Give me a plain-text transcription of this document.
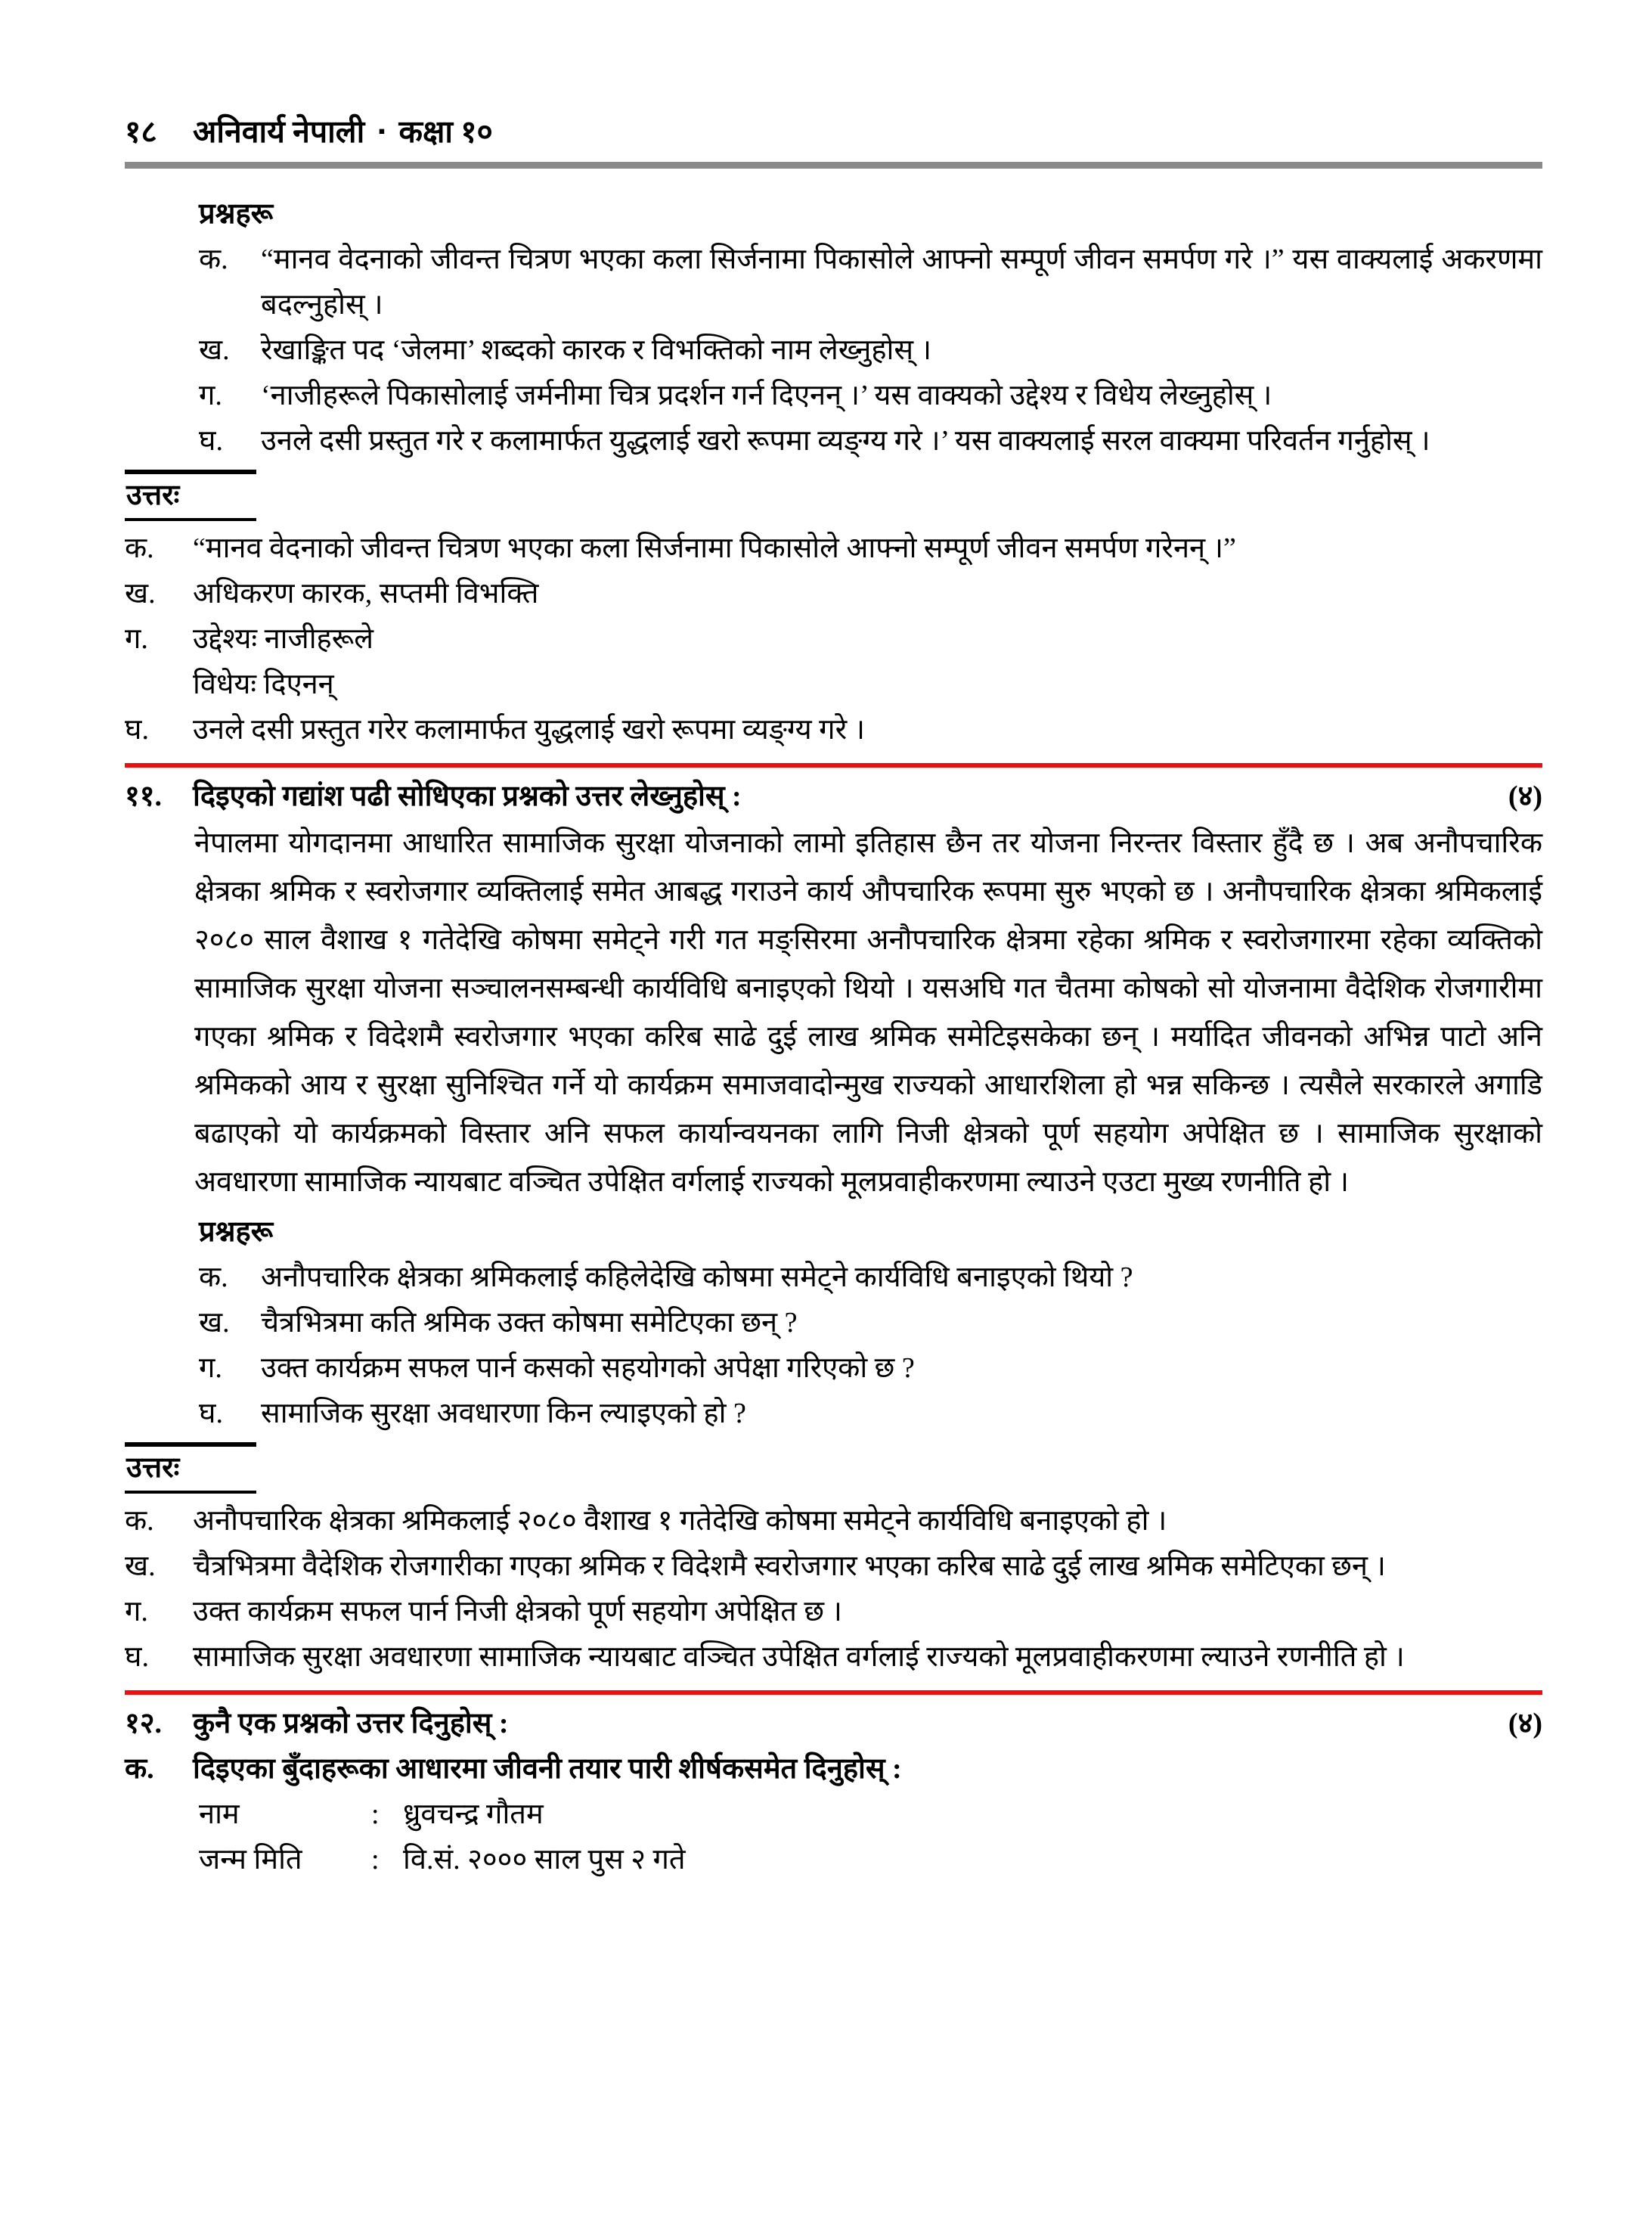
१८	अनिवार्य नेपाली ▪ कक्षा १०
प्रश्नहरू
क.	“मानव वेदनाको जीवन्त चित्रण भएका कला सिर्जनामा पिकासोले आफ्नो सम्पूर्ण जीवन समर्पण गरे ।” यस वाक्यलाई अकरणमा बदल्नुहोस् ।
ख.	रेखाङ्कित पद ‘जेलमा’ शब्दको कारक र विभक्तिको नाम लेख्नुहोस् ।
ग.	‘नाजीहरूले पिकासोलाई जर्मनीमा चित्र प्रदर्शन गर्न दिएनन् ।’ यस वाक्यको उद्देश्य र विधेय लेख्नुहोस् ।
घ.	उनले दसी प्रस्तुत गरे र कलामार्फत युद्धलाई खरो रूपमा व्यङ्ग्य गरे ।’ यस वाक्यलाई सरल वाक्यमा परिवर्तन गर्नुहोस् ।
उत्तरः
क.	“मानव वेदनाको जीवन्त चित्रण भएका कला सिर्जनामा पिकासोले आफ्नो सम्पूर्ण जीवन समर्पण गरेनन् ।”
ख.	अधिकरण कारक, सप्तमी विभक्ति
ग.	उद्देश्यः नाजीहरूले
विधेयः दिएनन्
घ.	उनले दसी प्रस्तुत गरेर कलामार्फत युद्धलाई खरो रूपमा व्यङ्ग्य गरे ।
११.	दिइएको गद्यांश पढी सोधिएका प्रश्नको उत्तर लेख्नुहोस् :	(४)
नेपालमा योगदानमा आधारित सामाजिक सुरक्षा योजनाको लामो इतिहास छैन तर योजना निरन्तर विस्तार हुँदै छ । अब अनौपचारिक क्षेत्रका श्रमिक र स्वरोजगार व्यक्तिलाई समेत आबद्ध गराउने कार्य औपचारिक रूपमा सुरु भएको छ । अनौपचारिक क्षेत्रका श्रमिकलाई २०८० साल वैशाख १ गतेदेखि कोषमा समेट्ने गरी गत मङ्सिरमा अनौपचारिक क्षेत्रमा रहेका श्रमिक र स्वरोजगारमा रहेका व्यक्तिको सामाजिक सुरक्षा योजना सञ्चालनसम्बन्धी कार्यविधि बनाइएको थियो । यसअघि गत चैतमा कोषको सो योजनामा वैदेशिक रोजगारीमा गएका श्रमिक र विदेशमै स्वरोजगार भएका करिब साढे दुई लाख श्रमिक समेटिइसकेका छन् । मर्यादित जीवनको अभिन्न पाटो अनि श्रमिकको आय र सुरक्षा सुनिश्चित गर्ने यो कार्यक्रम समाजवादोन्मुख राज्यको आधारशिला हो भन्न सकिन्छ । त्यसैले सरकारले अगाडि बढाएको यो कार्यक्रमको विस्तार अनि सफल कार्यान्वयनका लागि निजी क्षेत्रको पूर्ण सहयोग अपेक्षित छ । सामाजिक सुरक्षाको अवधारणा सामाजिक न्यायबाट वञ्चित उपेक्षित वर्गलाई राज्यको मूलप्रवाहीकरणमा ल्याउने एउटा मुख्य रणनीति हो ।
प्रश्नहरू
क.	अनौपचारिक क्षेत्रका श्रमिकलाई कहिलेदेखि कोषमा समेट्ने कार्यविधि बनाइएको थियो ?
ख.	चैत्रभित्रमा कति श्रमिक उक्त कोषमा समेटिएका छन् ?
ग.	उक्त कार्यक्रम सफल पार्न कसको सहयोगको अपेक्षा गरिएको छ ?
घ.	सामाजिक सुरक्षा अवधारणा किन ल्याइएको हो ?
उत्तरः
क.	अनौपचारिक क्षेत्रका श्रमिकलाई २०८० वैशाख १ गतेदेखि कोषमा समेट्ने कार्यविधि बनाइएको हो ।
ख.	चैत्रभित्रमा वैदेशिक रोजगारीका गएका श्रमिक र विदेशमै स्वरोजगार भएका करिब साढे दुई लाख श्रमिक समेटिएका छन् ।
ग.	उक्त कार्यक्रम सफल पार्न निजी क्षेत्रको पूर्ण सहयोग अपेक्षित छ ।
घ.	सामाजिक सुरक्षा अवधारणा सामाजिक न्यायबाट वञ्चित उपेक्षित वर्गलाई राज्यको मूलप्रवाहीकरणमा ल्याउने रणनीति हो ।
१२.	कुनै एक प्रश्नको उत्तर दिनुहोस् :	(४)
क.	दिइएका बुँदाहरूका आधारमा जीवनी तयार पारी शीर्षकसमेत दिनुहोस् :
नाम	: ध्रुवचन्द्र गौतम
जन्म मिति	: वि.सं. २००० साल पुस २ गते
